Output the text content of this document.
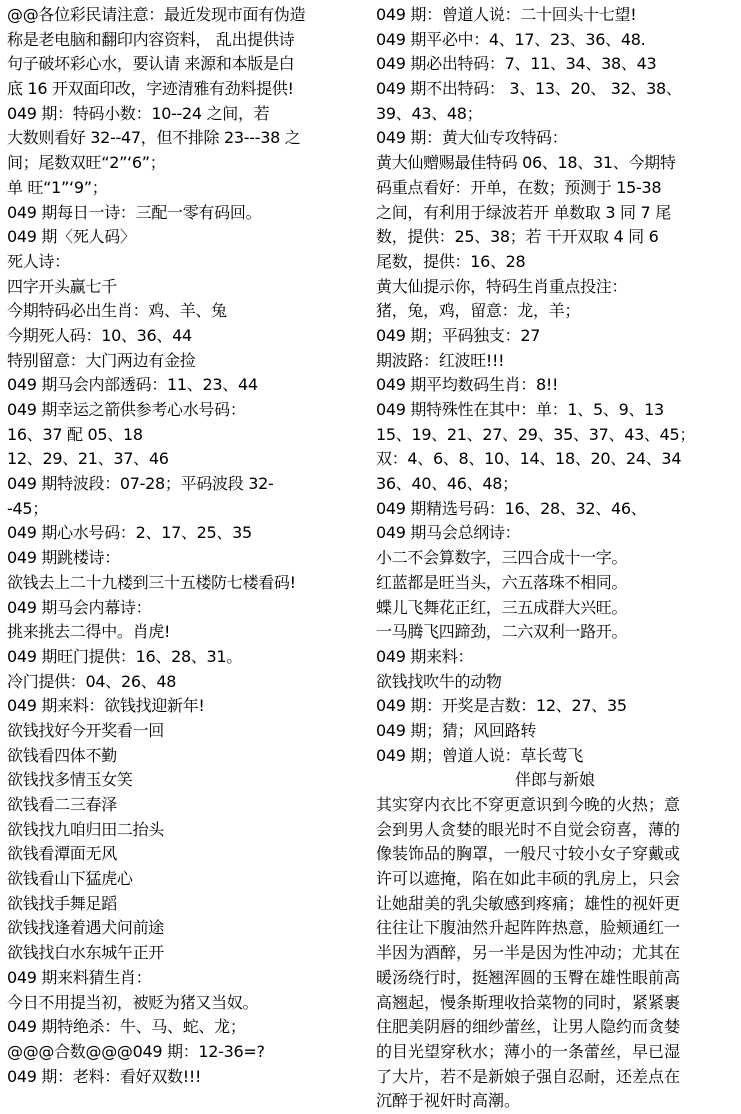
@@各位彩民请注意：最近发现市面有伪造
称是老电脑和翻印内容资料， 乱出提供诗
句子破坏彩心水，要认请 来源和本版是白
底 16 开双面印改，字迹清雅有劲料提供!
049 期：特码小数：10--24 之间，若
大数则看好 32--47，但不排除 23---38 之
间；尾数双旺“2”‘6”；
单 旺“1”‘9”；
049 期每日一诗：三配一零有码回。
049 期〈死人码〉
死人诗：
四字开头赢七千
今期特码必出生肖：鸡、羊、兔
今期死人码：10、36、44
特别留意：大门两边有金捡
049 期马会内部透码：11、23、44
049 期幸运之箭供参考心水号码：
16、37 配 05、18
12、29、21、37、46
049 期特波段：07-28；平码波段 32-
-45；
049 期心水号码：2、17、25、35
049 期跳楼诗：
欲钱去上二十九楼到三十五楼防七楼看码!
049 期马会内幕诗：
挑来挑去二得中。肖虎!
049 期旺门提供：16、28、31。
冷门提供：04、26、48
049 期来料：欲钱找迎新年!
欲钱找好今开奖看一回
欲钱看四体不勤
欲钱找多情玉女笑
欲钱看二三春泽
欲钱找九咱归田二抬头
欲钱看潭面无风
欲钱看山下猛虎心
欲钱找手舞足蹈
欲钱找逢着遇犬问前途
欲钱找白水东城午正开
049 期来料猜生肖：
今日不用提当初，被贬为猪又当奴。
049 期特绝杀：牛、马、蛇、龙；
@@@合数@@@049 期：12-36=?
049 期：老料：看好双数!!!
049 期：曾道人说：二十回头十七望!
049 期平必中：4、17、23、36、48.
049 期必出特码：7、11、34、38、43
049 期不出特码： 3、13、20、 32、38、
39、43、48；
049 期：黄大仙专攻特码：
黄大仙赠赐最佳特码 06、18、31、今期特
码重点看好：开单，在数；预测于 15-38
之间，有利用于绿波若开 单数取 3 同 7 尾
数，提供：25、38；若 干开双取 4 同 6
尾数，提供：16、28
黄大仙提示你，特码生肖重点投注：
猪，兔，鸡，留意：龙，羊；
049 期；平码独支：27
期波路：红波旺!!!
049 期平均数码生肖：8!!
049 期特殊性在其中：单：1、5、9、13
15、19、21、27、29、35、37、43、45；
双：4、6、8、10、14、18、20、24、34
36、40、46、48；
049 期精选号码：16、28、32、46、
049 期马会总纲诗：
小二不会算数字，三四合成十一字。
红蓝都是旺当头，六五落珠不相同。
蝶儿飞舞花正红，三五成群大兴旺。
一马腾飞四蹄劲，二六双利一路开。
049 期来料：
欲钱找吹牛的动物
049 期：开奖是吉数：12、27、35
049 期；猜；风回路转
049 期；曾道人说：草长莺飞
伴郎与新娘
其实穿内衣比不穿更意识到今晚的火热；意
会到男人贪婪的眼光时不自觉会窃喜，薄的
像装饰品的胸罩，一般尺寸较小女子穿戴或
许可以遮掩，陷在如此丰硕的乳房上，只会
让她甜美的乳尖敏感到疼痛；雄性的视奸更
往往让下腹油然升起阵阵热意，脸颊通红一
半因为酒醉，另一半是因为性冲动；尤其在
暖汤绕行时，挺翘浑圆的玉臀在雄性眼前高
高翘起，慢条斯理收拾菜物的同时，紧紧裹
住肥美阴唇的细纱蕾丝，让男人隐约而贪婪
的目光望穿秋水；薄小的一条蕾丝，早已湿
了大片，若不是新娘子强自忍耐，还差点在
沉醉于视奸时高潮。
